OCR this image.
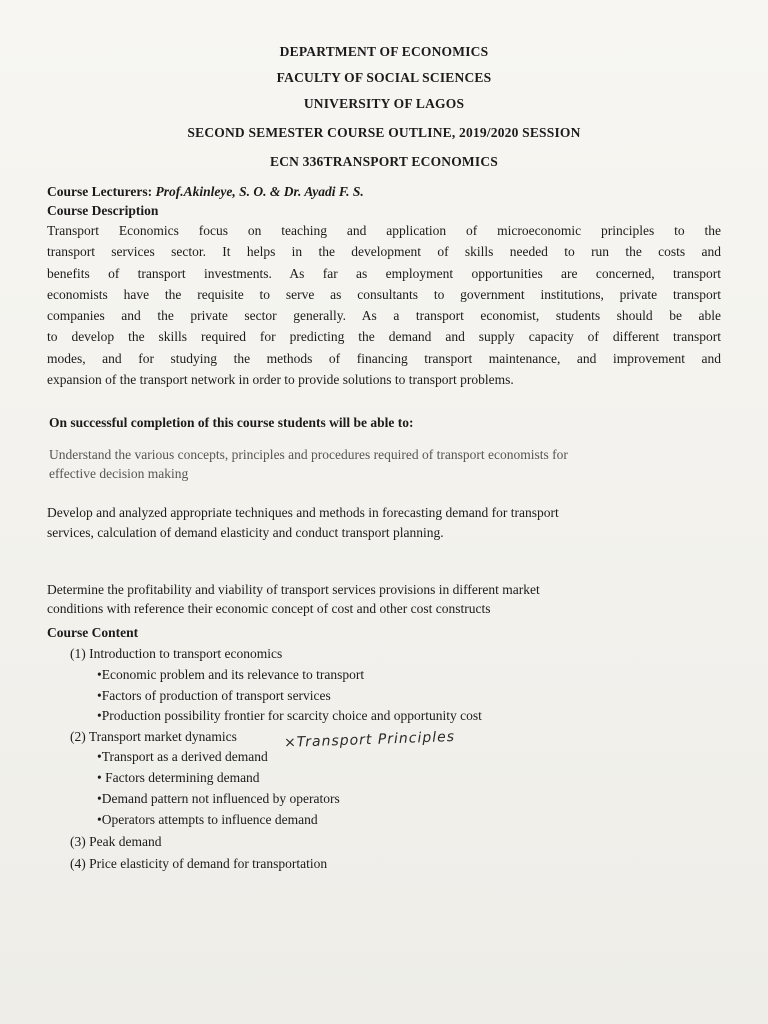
DEPARTMENT OF ECONOMICS
FACULTY OF SOCIAL SCIENCES
UNIVERSITY OF LAGOS
SECOND SEMESTER COURSE OUTLINE, 2019/2020 SESSION
ECN 336TRANSPORT ECONOMICS
Course Lecturers: Prof.Akinleye, S. O. & Dr. Ayadi F. S.
Course Description
Transport Economics focus on teaching and application of microeconomic principles to the
transport services sector. It helps in the development of skills needed to run the costs and
benefits of transport investments. As far as employment opportunities are concerned, transport
economists have the requisite to serve as consultants to government institutions, private transport
companies and the private sector generally. As a transport economist, students should be able
to develop the skills required for predicting the demand and supply capacity of different transport
modes, and for studying the methods of financing transport maintenance, and improvement and
expansion of the transport network in order to provide solutions to transport problems.
On successful completion of this course students will be able to:
Understand the various concepts, principles and procedures required of transport economists for
effective decision making
Develop and analyzed appropriate techniques and methods in forecasting demand for transport
services, calculation of demand elasticity and conduct transport planning.
Determine the profitability and viability of transport services provisions in different market
conditions with reference their economic concept of cost and other cost constructs
Course Content
(1) Introduction to transport economics
•Economic problem and its relevance to transport
•Factors of production of transport services
•Production possibility frontier for scarcity choice and opportunity cost
(2) Transport market dynamics	×Transport Principles
•Transport as a derived demand
• Factors determining demand
•Demand pattern not influenced by operators
•Operators attempts to influence demand
(3) Peak demand
(4) Price elasticity of demand for transportation
